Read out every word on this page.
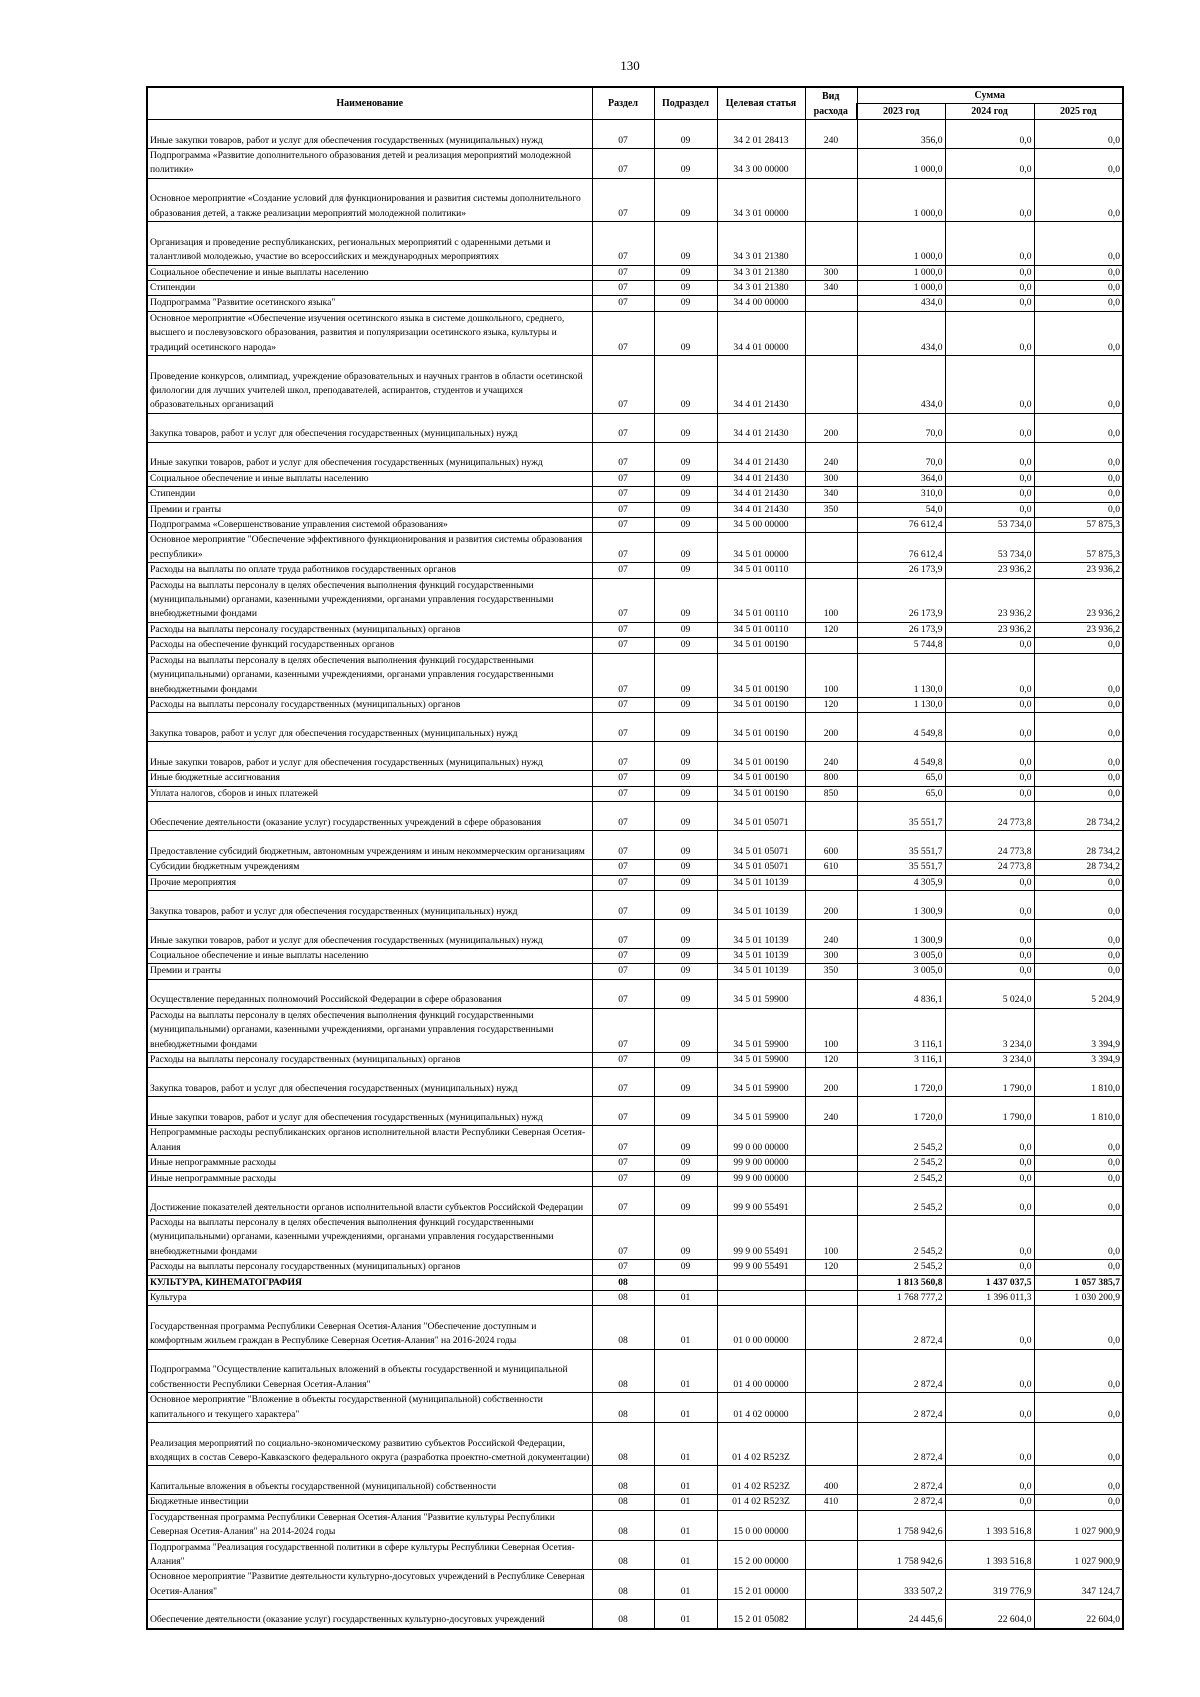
130
Наименование	Раздел	Подраздел	Целевая статья	Вид расхода	Сумма		
					2023 год	2024 год	2025 год
Иные закупки товаров, работ и услуг для обеспечения государственных (муниципальных) нужд	07	09	34 2 01 28413	240	356,0	0,0	0,0
Подпрограмма «Развитие дополнительного образования детей и реализация мероприятий молодежной политики»	07	09	34 3 00 00000		1 000,0	0,0	0,0
Основное мероприятие «Создание условий для функционирования и развития системы дополнительного образования детей, а также реализации мероприятий молодежной политики»	07	09	34 3 01 00000		1 000,0	0,0	0,0
Организация и проведение республиканских, региональных мероприятий с одаренными детьми и талантливой молодежью, участие во всероссийских и международных мероприятиях	07	09	34 3 01 21380		1 000,0	0,0	0,0
Социальное обеспечение и иные выплаты населению	07	09	34 3 01 21380	300	1 000,0	0,0	0,0
Стипендии	07	09	34 3 01 21380	340	1 000,0	0,0	0,0
Подпрограмма "Развитие осетинского языка"	07	09	34 4 00 00000		434,0	0,0	0,0
Основное мероприятие «Обеспечение изучения осетинского языка в системе дошкольного, среднего, высшего и послевузовского образования, развития и популяризации осетинского языка, культуры и традиций осетинского народа»	07	09	34 4 01 00000		434,0	0,0	0,0
Проведение конкурсов, олимпиад, учреждение образовательных и научных грантов в области осетинской филологии для лучших учителей школ, преподавателей, аспирантов, студентов и учащихся образовательных организаций	07	09	34 4 01 21430		434,0	0,0	0,0
Закупка товаров, работ и услуг для обеспечения государственных (муниципальных) нужд	07	09	34 4 01 21430	200	70,0	0,0	0,0
Иные закупки товаров, работ и услуг для обеспечения государственных (муниципальных) нужд	07	09	34 4 01 21430	240	70,0	0,0	0,0
Социальное обеспечение и иные выплаты населению	07	09	34 4 01 21430	300	364,0	0,0	0,0
Стипендии	07	09	34 4 01 21430	340	310,0	0,0	0,0
Премии и гранты	07	09	34 4 01 21430	350	54,0	0,0	0,0
Подпрограмма «Совершенствование управления системой образования»	07	09	34 5 00 00000		76 612,4	53 734,0	57 875,3
Основное мероприятие "Обеспечение эффективного функционирования и развития системы образования республики»	07	09	34 5 01 00000		76 612,4	53 734,0	57 875,3
Расходы на выплаты по оплате труда работников государственных органов	07	09	34 5 01 00110		26 173,9	23 936,2	23 936,2
Расходы на выплаты персоналу в целях обеспечения выполнения функций государственными (муниципальными) органами, казенными учреждениями, органами управления государственными внебюджетными фондами	07	09	34 5 01 00110	100	26 173,9	23 936,2	23 936,2
Расходы на выплаты персоналу государственных (муниципальных) органов	07	09	34 5 01 00110	120	26 173,9	23 936,2	23 936,2
Расходы на обеспечение функций государственных органов	07	09	34 5 01 00190		5 744,8	0,0	0,0
Расходы на выплаты персоналу в целях обеспечения выполнения функций государственными (муниципальными) органами, казенными учреждениями, органами управления государственными внебюджетными фондами	07	09	34 5 01 00190	100	1 130,0	0,0	0,0
Расходы на выплаты персоналу государственных (муниципальных) органов	07	09	34 5 01 00190	120	1 130,0	0,0	0,0
Закупка товаров, работ и услуг для обеспечения государственных (муниципальных) нужд	07	09	34 5 01 00190	200	4 549,8	0,0	0,0
Иные закупки товаров, работ и услуг для обеспечения государственных (муниципальных) нужд	07	09	34 5 01 00190	240	4 549,8	0,0	0,0
Иные бюджетные ассигнования	07	09	34 5 01 00190	800	65,0	0,0	0,0
Уплата налогов, сборов и иных платежей	07	09	34 5 01 00190	850	65,0	0,0	0,0
Обеспечение деятельности (оказание услуг) государственных учреждений в сфере образования	07	09	34 5 01 05071		35 551,7	24 773,8	28 734,2
Предоставление субсидий бюджетным, автономным учреждениям и иным некоммерческим организациям	07	09	34 5 01 05071	600	35 551,7	24 773,8	28 734,2
Субсидии бюджетным учреждениям	07	09	34 5 01 05071	610	35 551,7	24 773,8	28 734,2
Прочие мероприятия	07	09	34 5 01 10139		4 305,9	0,0	0,0
Закупка товаров, работ и услуг для обеспечения государственных (муниципальных) нужд	07	09	34 5 01 10139	200	1 300,9	0,0	0,0
Иные закупки товаров, работ и услуг для обеспечения государственных (муниципальных) нужд	07	09	34 5 01 10139	240	1 300,9	0,0	0,0
Социальное обеспечение и иные выплаты населению	07	09	34 5 01 10139	300	3 005,0	0,0	0,0
Премии и гранты	07	09	34 5 01 10139	350	3 005,0	0,0	0,0
Осуществление переданных полномочий Российской Федерации в сфере образования	07	09	34 5 01 59900		4 836,1	5 024,0	5 204,9
Расходы на выплаты персоналу в целях обеспечения выполнения функций государственными (муниципальными) органами, казенными учреждениями, органами управления государственными внебюджетными фондами	07	09	34 5 01 59900	100	3 116,1	3 234,0	3 394,9
Расходы на выплаты персоналу государственных (муниципальных) органов	07	09	34 5 01 59900	120	3 116,1	3 234,0	3 394,9
Закупка товаров, работ и услуг для обеспечения государственных (муниципальных) нужд	07	09	34 5 01 59900	200	1 720,0	1 790,0	1 810,0
Иные закупки товаров, работ и услуг для обеспечения государственных (муниципальных) нужд	07	09	34 5 01 59900	240	1 720,0	1 790,0	1 810,0
Непрограммные расходы республиканских органов исполнительной власти Республики Северная Осетия-Алания	07	09	99 0 00 00000		2 545,2	0,0	0,0
Иные непрограммные расходы	07	09	99 9 00 00000		2 545,2	0,0	0,0
Иные непрограммные расходы	07	09	99 9 00 00000		2 545,2	0,0	0,0
Достижение показателей деятельности органов исполнительной власти субъектов Российской Федерации	07	09	99 9 00 55491		2 545,2	0,0	0,0
Расходы на выплаты персоналу в целях обеспечения выполнения функций государственными (муниципальными) органами, казенными учреждениями, органами управления государственными внебюджетными фондами	07	09	99 9 00 55491	100	2 545,2	0,0	0,0
Расходы на выплаты персоналу государственных (муниципальных) органов	07	09	99 9 00 55491	120	2 545,2	0,0	0,0
КУЛЬТУРА, КИНЕМАТОГРАФИЯ	08				1 813 560,8	1 437 037,5	1 057 385,7
Культура	08	01			1 768 777,2	1 396 011,3	1 030 200,9
Государственная программа Республики Северная Осетия-Алания "Обеспечение доступным и комфортным жильем граждан в Республике Северная Осетия-Алания" на 2016-2024 годы	08	01	01 0 00 00000		2 872,4	0,0	0,0
Подпрограмма "Осуществление капитальных вложений в объекты государственной и муниципальной собственности Республики Северная Осетия-Алания"	08	01	01 4 00 00000		2 872,4	0,0	0,0
Основное мероприятие "Вложение в объекты государственной (муниципальной) собственности капитального и текущего характера"	08	01	01 4 02 00000		2 872,4	0,0	0,0
Реализация мероприятий по социально-экономическому развитию субъектов Российской Федерации, входящих в состав Северо-Кавказского федерального округа (разработка проектно-сметной документации)	08	01	01 4 02 R523Z		2 872,4	0,0	0,0
Капитальные вложения в объекты государственной (муниципальной) собственности	08	01	01 4 02 R523Z	400	2 872,4	0,0	0,0
Бюджетные инвестиции	08	01	01 4 02 R523Z	410	2 872,4	0,0	0,0
Государственная программа Республики Северная Осетия-Алания "Развитие культуры Республики Северная Осетия-Алания" на 2014-2024 годы	08	01	15 0 00 00000		1 758 942,6	1 393 516,8	1 027 900,9
Подпрограмма "Реализация государственной политики в сфере культуры Республики Северная Осетия-Алания"	08	01	15 2 00 00000		1 758 942,6	1 393 516,8	1 027 900,9
Основное мероприятие "Развитие деятельности культурно-досуговых учреждений в Республике Северная Осетия-Алания"	08	01	15 2 01 00000		333 507,2	319 776,9	347 124,7
Обеспечение деятельности (оказание услуг) государственных культурно-досуговых учреждений	08	01	15 2 01 05082		24 445,6	22 604,0	22 604,0
